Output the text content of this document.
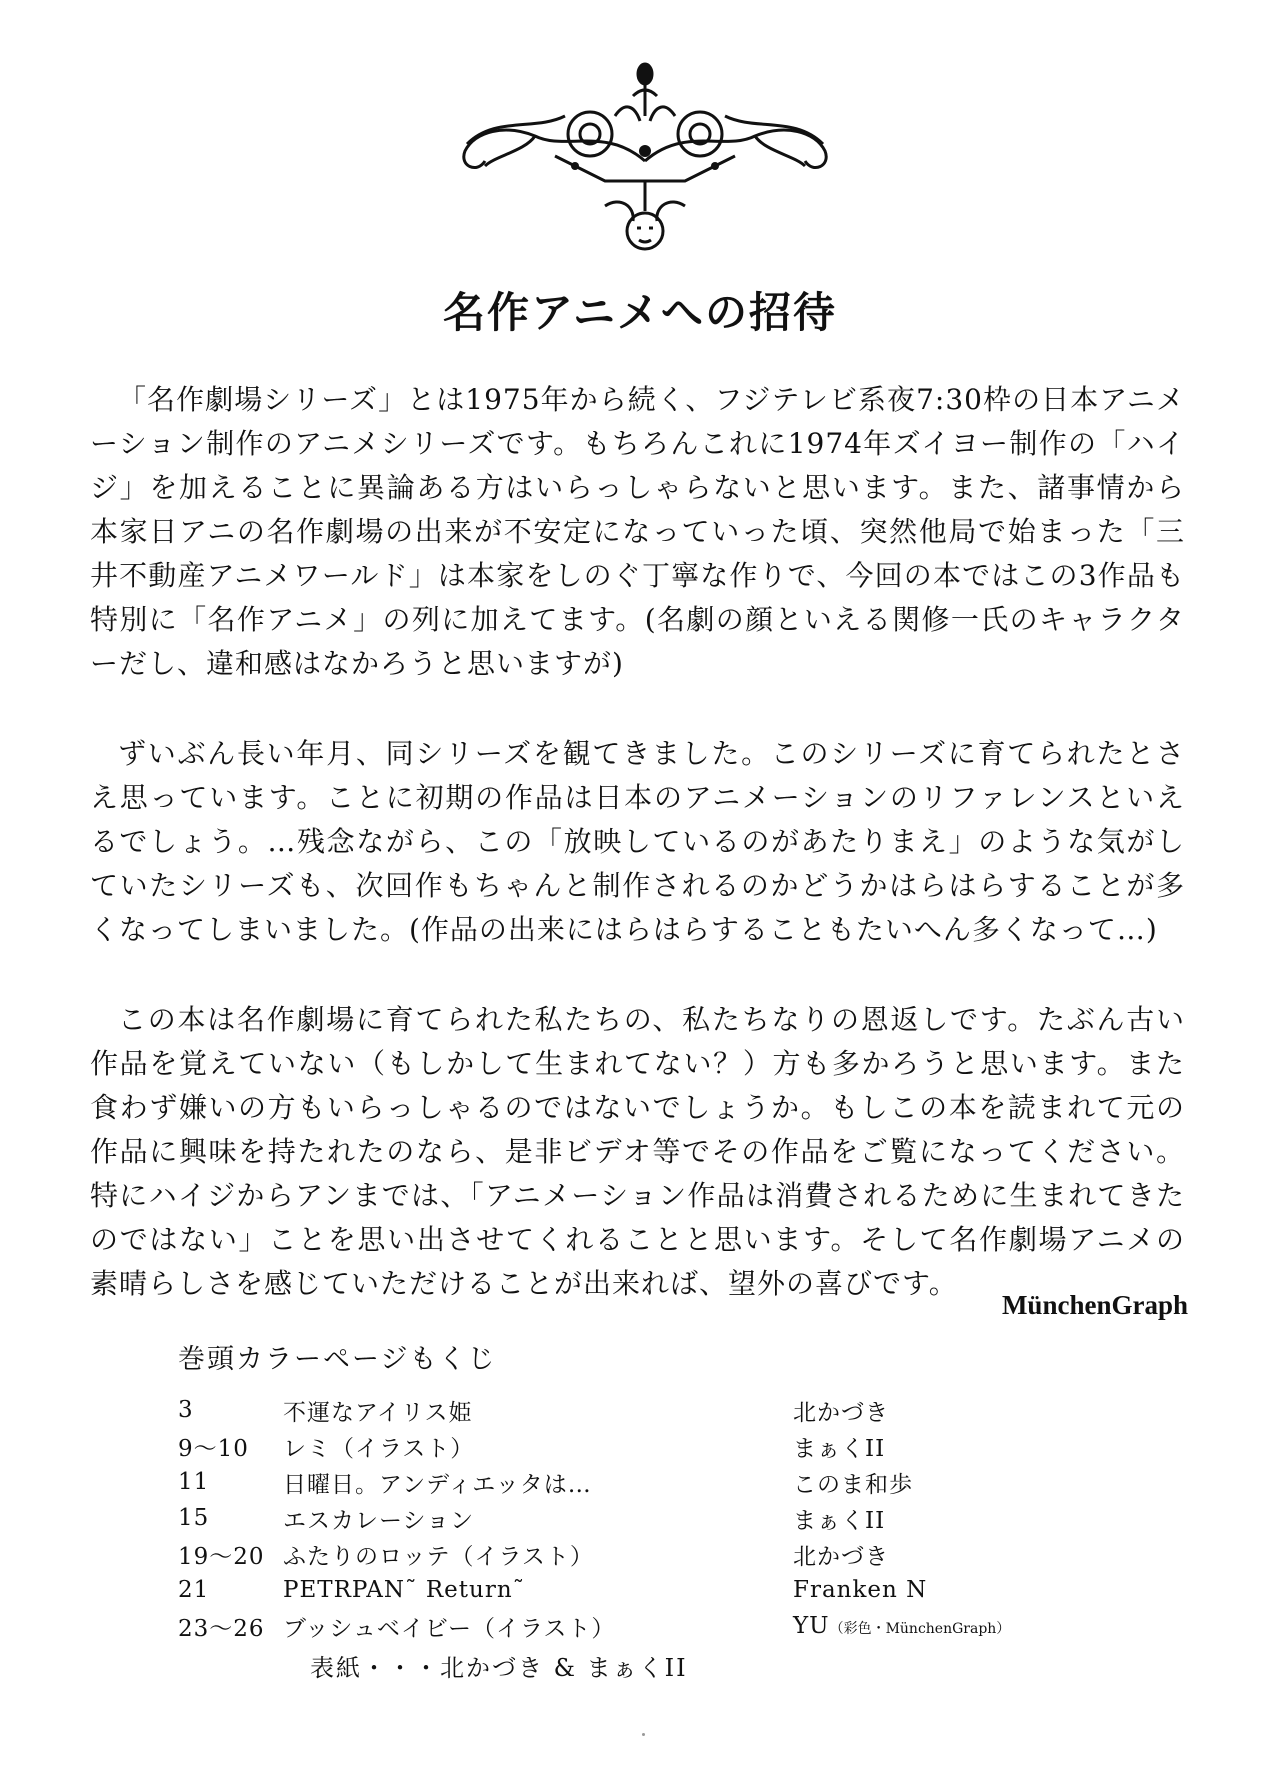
名作アニメへの招待

「名作劇場シリーズ」とは1975年から続く、フジテレビ系夜7:30枠の日本アニメーション制作のアニメシリーズです。もちろんこれに1974年ズイヨー制作の「ハイジ」を加えることに異論ある方はいらっしゃらないと思います。また、諸事情から本家日アニの名作劇場の出来が不安定になっていった頃、突然他局で始まった「三井不動産アニメワールド」は本家をしのぐ丁寧な作りで、今回の本ではこの3作品も特別に「名作アニメ」の列に加えてます。(名劇の顔といえる関修一氏のキャラクターだし、違和感はなかろうと思いますが)

ずいぶん長い年月、同シリーズを観てきました。このシリーズに育てられたとさえ思っています。ことに初期の作品は日本のアニメーションのリファレンスといえるでしょう。…残念ながら、この「放映しているのがあたりまえ」のような気がしていたシリーズも、次回作もちゃんと制作されるのかどうかはらはらすることが多くなってしまいました。(作品の出来にはらはらすることもたいへん多くなって…)

この本は名作劇場に育てられた私たちの、私たちなりの恩返しです。たぶん古い作品を覚えていない（もしかして生まれてない？）方も多かろうと思います。また食わず嫌いの方もいらっしゃるのではないでしょうか。もしこの本を読まれて元の作品に興味を持たれたのなら、是非ビデオ等でその作品をご覧になってください。特にハイジからアンまでは、「アニメーション作品は消費されるために生まれてきたのではない」ことを思い出させてくれることと思います。そして名作劇場アニメの素晴らしさを感じていただけることが出来れば、望外の喜びです。

MünchenGraph
巻頭カラーページもくじ
3	不運なアイリス姫	北かづき
9〜10	レミ（イラスト）	まぁくII
11	日曜日。アンディエッタは…	このま和歩
15	エスカレーション	まぁくII
19〜20 ふたりのロッテ（イラスト）	北かづき
21	PETRPAN˜ Return˜	Franken N
23〜26 ブッシュベイビー（イラスト）	YU（彩色・MünchenGraph）
表紙・・・北かづき & まぁくII
